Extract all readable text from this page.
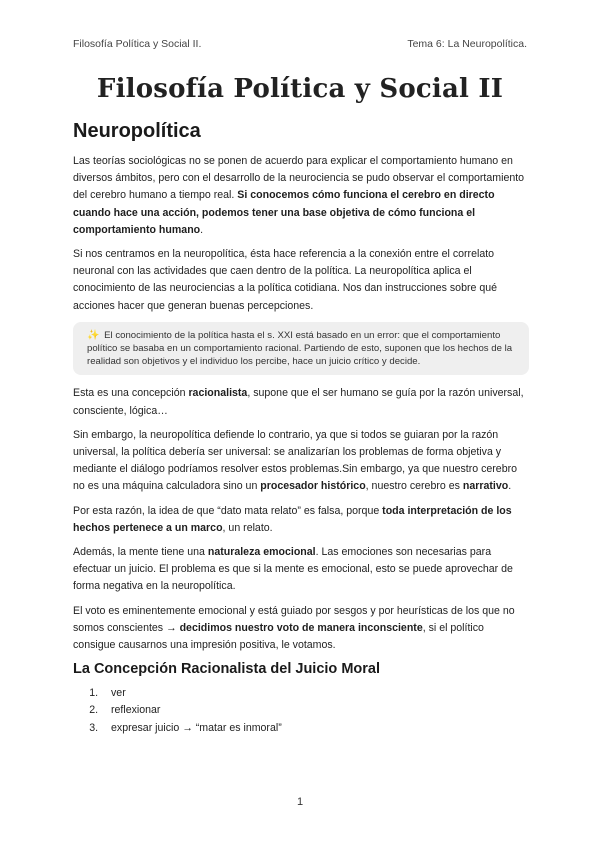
Filosofía Política y Social II.	Tema 6: La Neuropolítica.
Filosofía Política y Social II
Neuropolítica

Las teorías sociológicas no se ponen de acuerdo para explicar el comportamiento humano en diversos ámbitos, pero con el desarrollo de la neurociencia se pudo observar el comportamiento del cerebro humano a tiempo real. Si conocemos cómo funciona el cerebro en directo cuando hace una acción, podemos tener una base objetiva de cómo funciona el comportamiento humano.

Si nos centramos en la neuropolítica, ésta hace referencia a la conexión entre el correlato neuronal con las actividades que caen dentro de la política. La neuropolítica aplica el conocimiento de las neurociencias a la política cotidiana. Nos dan instrucciones sobre qué acciones hacer que generan buenas percepciones.

✨ El conocimiento de la política hasta el s. XXI está basado en un error: que el comportamiento político se basaba en un comportamiento racional. Partiendo de esto, suponen que los hechos de la realidad son objetivos y el individuo los percibe, hace un juicio crítico y decide.

Esta es una concepción racionalista, supone que el ser humano se guía por la razón universal, consciente, lógica…

Sin embargo, la neuropolítica defiende lo contrario, ya que si todos se guiaran por la razón universal, la política debería ser universal: se analizarían los problemas de forma objetiva y mediante el diálogo podríamos resolver estos problemas.Sin embargo, ya que nuestro cerebro no es una máquina calculadora sino un procesador histórico, nuestro cerebro es narrativo.

Por esta razón, la idea de que “dato mata relato” es falsa, porque toda interpretación de los hechos pertenece a un marco, un relato.

Además, la mente tiene una naturaleza emocional. Las emociones son necesarias para efectuar un juicio. El problema es que si la mente es emocional, esto se puede aprovechar de forma negativa en la neuropolítica.

El voto es eminentemente emocional y está guiado por sesgos y por heurísticas de los que no somos conscientes → decidimos nuestro voto de manera inconsciente, si el político consigue causarnos una impresión positiva, le votamos.

La Concepción Racionalista del Juicio Moral
1. ver
2. reflexionar
3. expresar juicio → “matar es inmoral”
1
